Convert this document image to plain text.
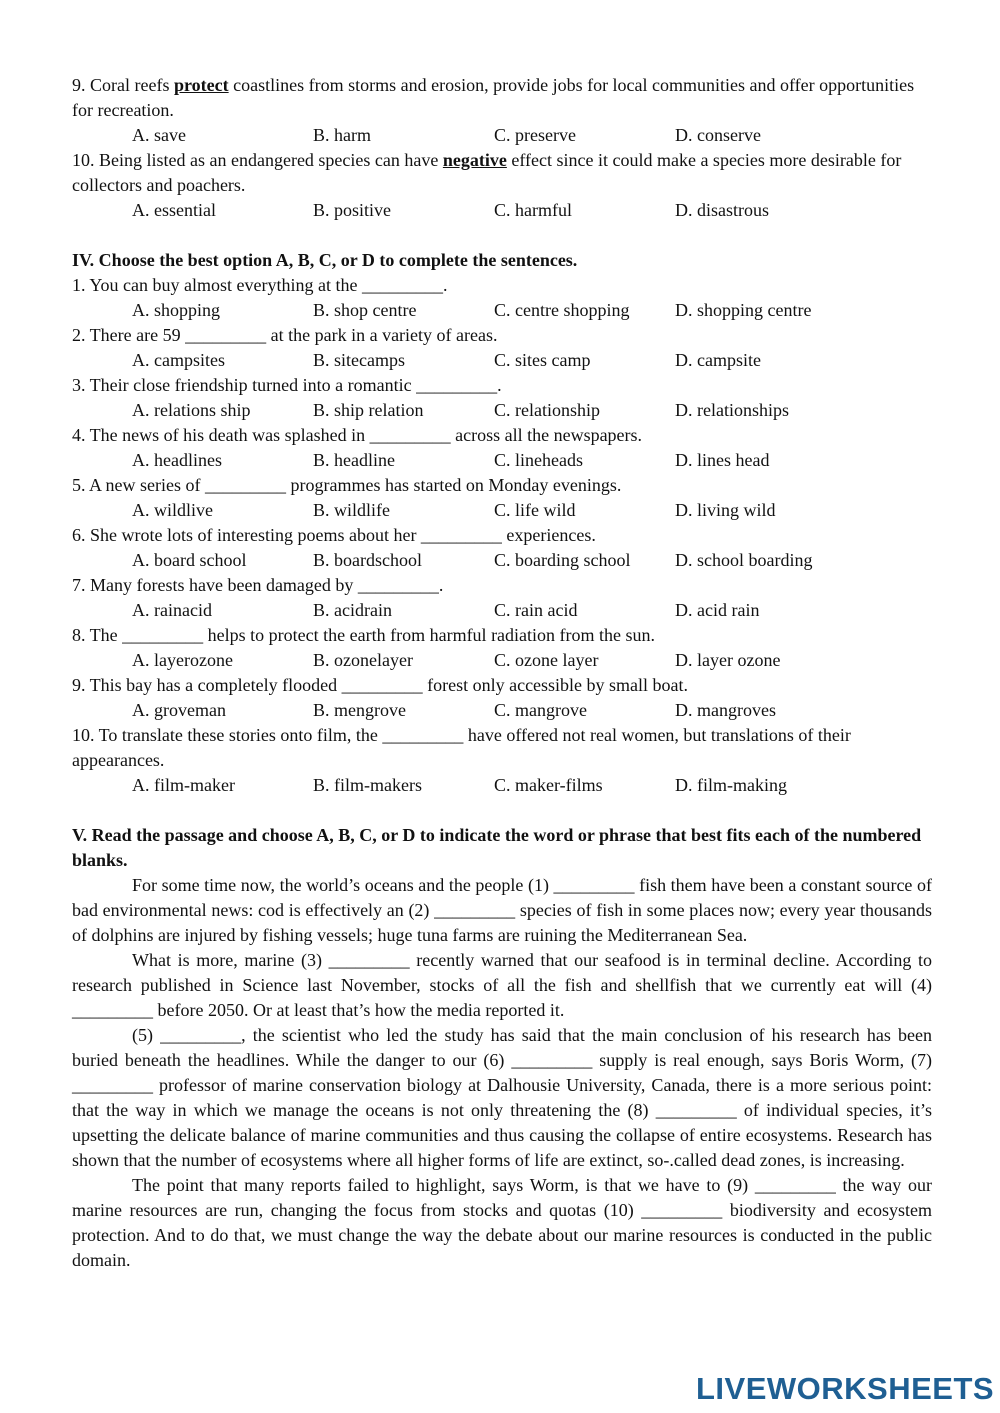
9. Coral reefs protect coastlines from storms and erosion, provide jobs for local communities and offer opportunities for recreation.

A. save	B. harm	C. preserve	D. conserve

10. Being listed as an endangered species can have negative effect since it could make a species more desirable for collectors and poachers.

A. essential	B. positive	C. harmful	D. disastrous

IV. Choose the best option A, B, C, or D to complete the sentences.

1. You can buy almost everything at the _________.

A. shopping	B. shop centre	C. centre shopping	D. shopping centre

2. There are 59 _________ at the park in a variety of areas.

A. campsites	B. sitecamps	C. sites camp	D. campsite

3. Their close friendship turned into a romantic _________.

A. relations ship	B. ship relation	C. relationship	D. relationships

4. The news of his death was splashed in _________ across all the newspapers.

A. headlines	B. headline	C. lineheads	D. lines head

5. A new series of _________ programmes has started on Monday evenings.

A. wildlive	B. wildlife	C. life wild	D. living wild

6. She wrote lots of interesting poems about her _________ experiences.

A. board school	B. boardschool	C. boarding school	D. school boarding

7. Many forests have been damaged by _________.

A. rainacid	B. acidrain	C. rain acid	D. acid rain

8. The _________ helps to protect the earth from harmful radiation from the sun.

A. layerozone	B. ozonelayer	C. ozone layer	D. layer ozone

9. This bay has a completely flooded _________ forest only accessible by small boat.

A. groveman	B. mengrove	C. mangrove	D. mangroves

10. To translate these stories onto film, the _________ have offered not real women, but translations of their appearances.

A. film-maker	B. film-makers	C. maker-films	D. film-making

V. Read the passage and choose A, B, C, or D to indicate the word or phrase that best fits each of the numbered blanks.

For some time now, the world’s oceans and the people (1) _________ fish them have been a constant source of bad environmental news: cod is effectively an (2) _________ species of fish in some places now; every year thousands of dolphins are injured by fishing vessels; huge tuna farms are ruining the Mediterranean Sea.

What is more, marine (3) _________ recently warned that our seafood is in terminal decline. According to research published in Science last November, stocks of all the fish and shellfish that we currently eat will (4) _________ before 2050. Or at least that’s how the media reported it.

(5) _________, the scientist who led the study has said that the main conclusion of his research has been buried beneath the headlines. While the danger to our (6) _________ supply is real enough, says Boris Worm, (7) _________ professor of marine conservation biology at Dalhousie University, Canada, there is a more serious point: that the way in which we manage the oceans is not only threatening the (8) _________ of individual species, it’s upsetting the delicate balance of marine communities and thus causing the collapse of entire ecosystems. Research has shown that the number of ecosystems where all higher forms of life are extinct, so-.called dead zones, is increasing.

The point that many reports failed to highlight, says Worm, is that we have to (9) _________ the way our marine resources are run, changing the focus from stocks and quotas (10) _________ biodiversity and ecosystem protection. And to do that, we must change the way the debate about our marine resources is conducted in the public domain.

LIVEWORKSHEETS
